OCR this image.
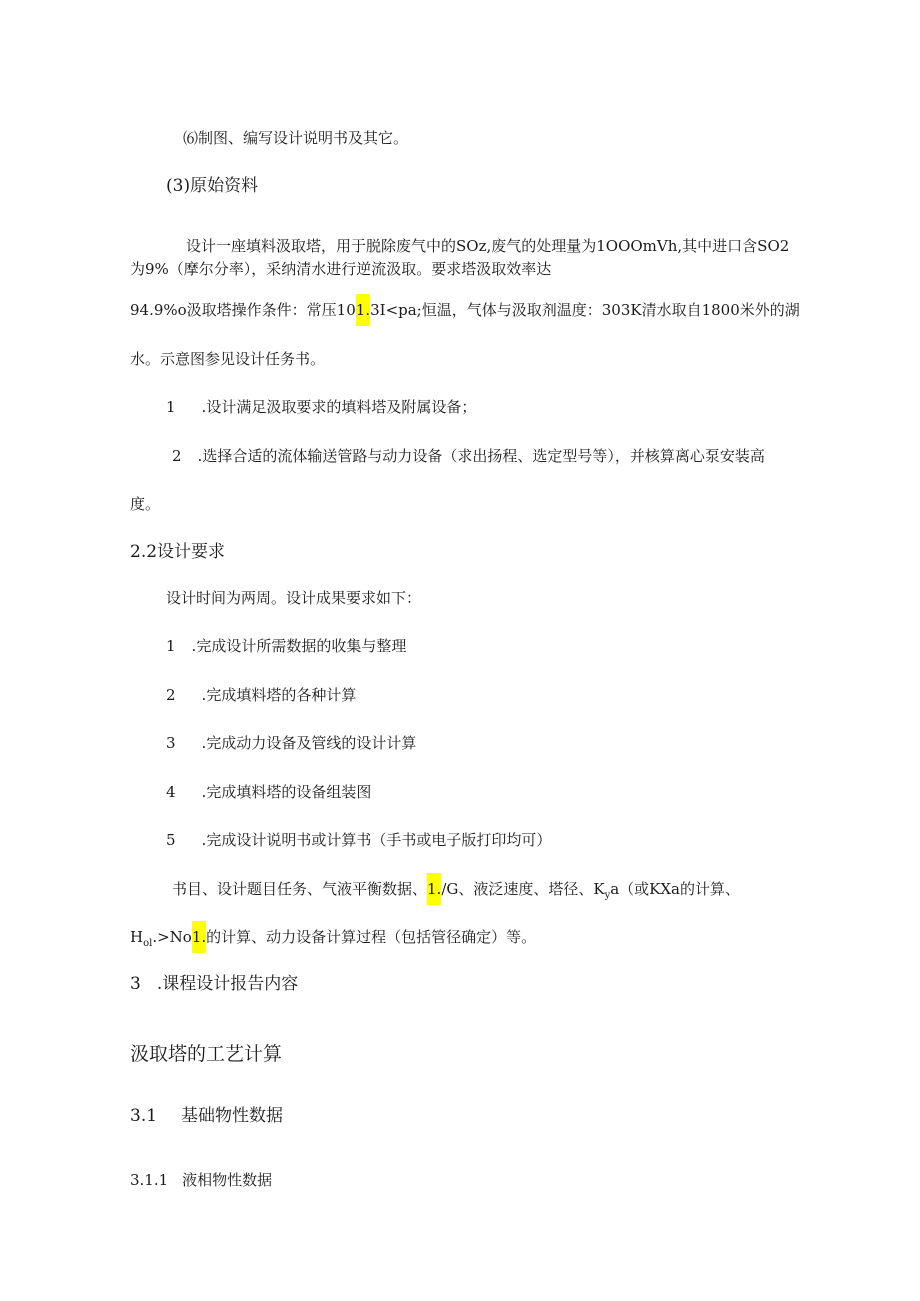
⑹制图、编写设计说明书及其它。
(3)原始资料
设计一座填料汲取塔，用于脱除废气中的SOz,废气的处理量为1OOOmVh,其中进口含SO2
为9%（摩尔分率），采纳清水进行逆流汲取。要求塔汲取效率达
94.9%o汲取塔操作条件：常压101.3I<pa;恒温，气体与汲取剂温度：303K清水取自1800米外的湖
水。示意图参见设计任务书。
1 .设计满足汲取要求的填料塔及附属设备；
2 .选择合适的流体输送管路与动力设备（求出扬程、选定型号等），并核算离心泵安装高
度。
2.2设计要求
设计时间为两周。设计成果要求如下：
1 .完成设计所需数据的收集与整理
2 .完成填料塔的各种计算
3 .完成动力设备及管线的设计计算
4 .完成填料塔的设备组装图
5 .完成设计说明书或计算书（手书或电子版打印均可）
书目、设计题目任务、气液平衡数据、1./G、液泛速度、塔径、$K_ya$（或KXa的计算、
$H_{ol}.>No1$.的计算、动力设备计算过程（包括管径确定）等。
3 .课程设计报告内容
汲取塔的工艺计算
3.1 基础物性数据
3.1.1 液相物性数据
